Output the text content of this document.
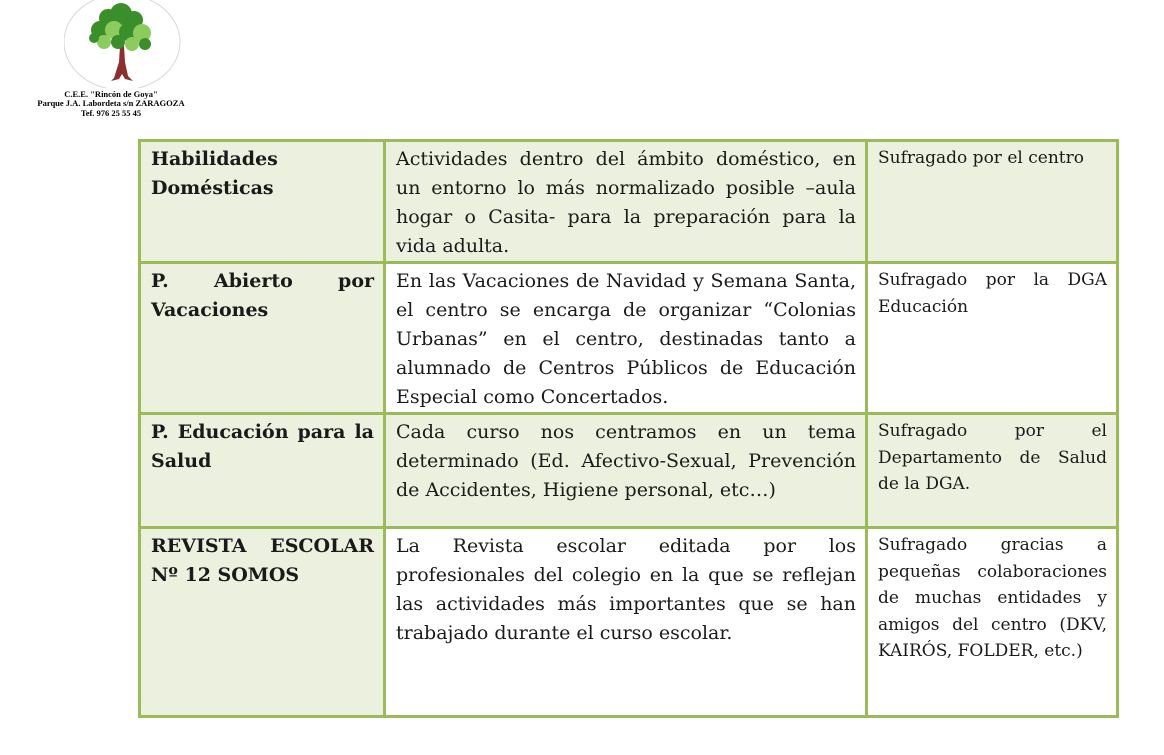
C.E.E. "Rincón de Goya"
Parque J.A. Labordeta s/n ZARAGOZA
Tef. 976 25 55 45
Habilidades Domésticas	Actividades dentro del ámbito doméstico, en un entorno lo más normalizado posible –aula hogar o Casita- para la preparación para la vida adulta.	Sufragado por el centro
P. Abierto por Vacaciones	En las Vacaciones de Navidad y Semana Santa, el centro se encarga de organizar “Colonias Urbanas” en el centro, destinadas tanto a alumnado de Centros Públicos de Educación Especial como Concertados.	Sufragado por la DGA Educación
P. Educación para la Salud	Cada curso nos centramos en un tema determinado (Ed. Afectivo-Sexual, Prevención de Accidentes, Higiene personal, etc…)	Sufragado por el Departamento de Salud de la DGA.
REVISTA ESCOLAR Nº 12 SOMOS	La Revista escolar editada por los profesionales del colegio en la que se reflejan las actividades más importantes que se han trabajado durante el curso escolar.	Sufragado gracias a pequeñas colaboraciones de muchas entidades y amigos del centro (DKV, KAIRÓS, FOLDER, etc.)
